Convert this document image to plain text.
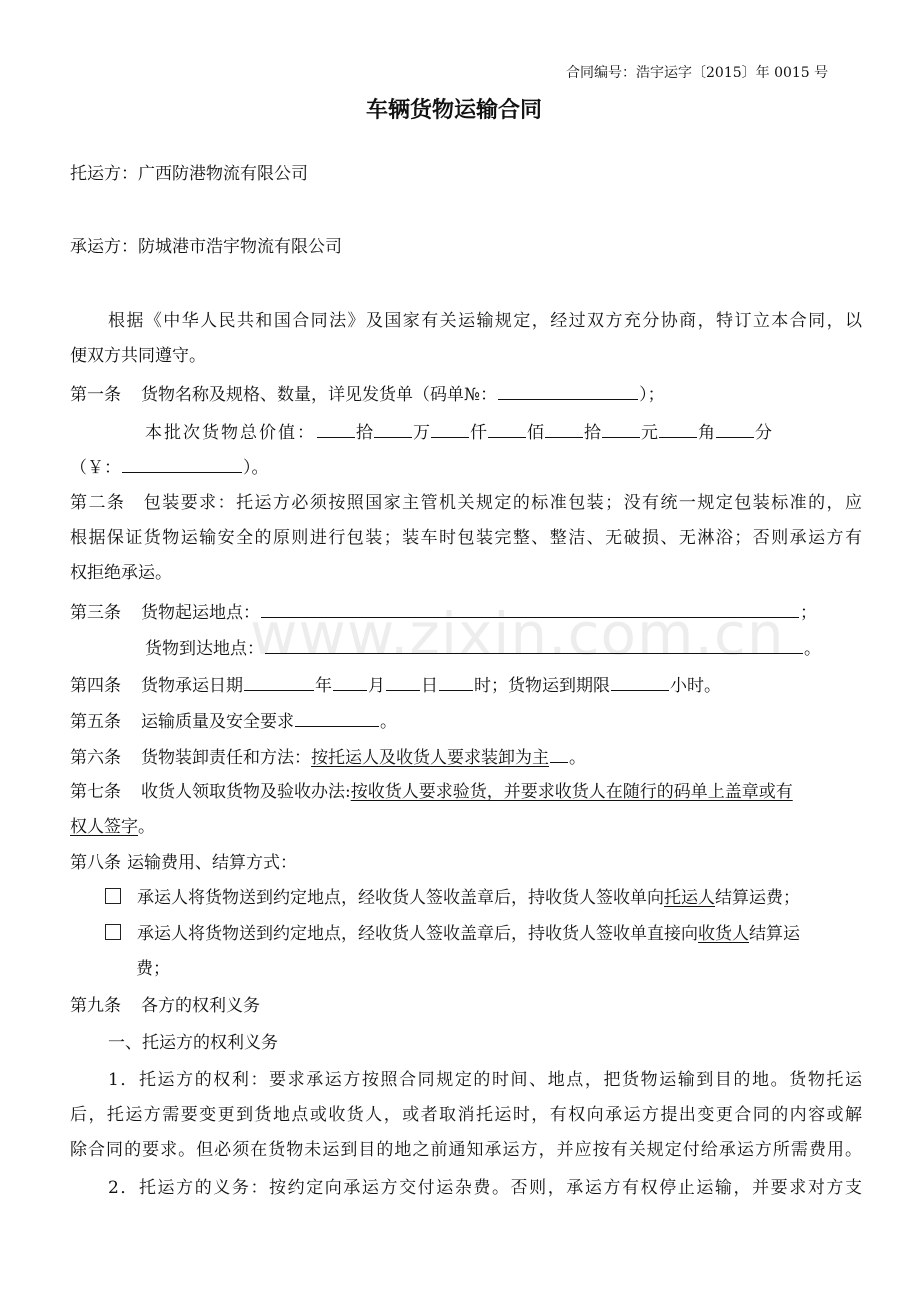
www.zixin.com.cn
合同编号：浩宇运字〔2015〕年 0015 号
车辆货物运输合同
托运方：广西防港物流有限公司
承运方：防城港市浩宇物流有限公司
根据《中华人民共和国合同法》及国家有关运输规定，经过双方充分协商，特订立本合同，以
便双方共同遵守。
第一条 货物名称及规格、数量，详见发货单（码单№：	）；
本批次货物总价值： 拾 万 仟 佰 拾 元 角 分
（￥：	）。
第二条　包装要求：托运方必须按照国家主管机关规定的标准包装；没有统一规定包装标准的，应
根据保证货物运输安全的原则进行包装；装车时包装完整、整洁、无破损、无淋浴；否则承运方有
权拒绝承运。
第三条 货物起运地点：	；
货物到达地点：	。
第四条 货物承运日期	年 月 日 时；货物运到期限	小时。
第五条 运输质量及安全要求	。
第六条 货物装卸责任和方法：按托运人及收货人要求装卸为主 。
第七条 收货人领取货物及验收办法:按收货人要求验货，并要求收货人在随行的码单上盖章或有
权人签字。
第八条 运输费用、结算方式：
承运人将货物送到约定地点，经收货人签收盖章后，持收货人签收单向托运人结算运费；
承运人将货物送到约定地点，经收货人签收盖章后，持收货人签收单直接向收货人结算运
费；
第九条 各方的权利义务
一、托运方的权利义务
1．托运方的权利：要求承运方按照合同规定的时间、地点，把货物运输到目的地。货物托运
后，托运方需要变更到货地点或收货人，或者取消托运时，有权向承运方提出变更合同的内容或解
除合同的要求。但必须在货物未运到目的地之前通知承运方，并应按有关规定付给承运方所需费用。
2．托运方的义务：按约定向承运方交付运杂费。否则，承运方有权停止运输，并要求对方支
